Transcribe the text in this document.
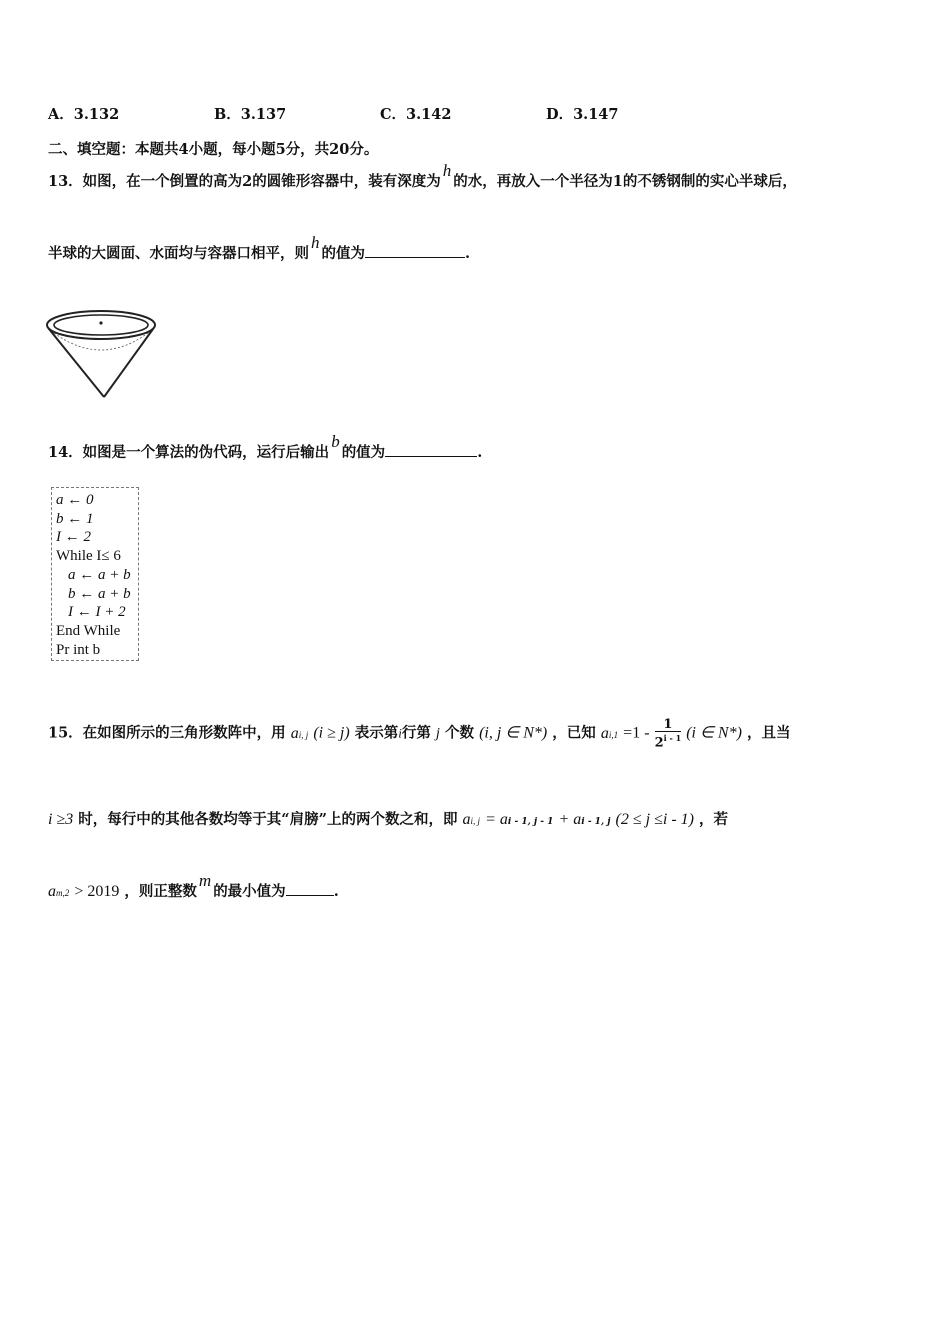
A．3.132	B．3.137	C．3.142	D．3.147
二、填空题：本题共4小题，每小题5分，共20分。
13．如图，在一个倒置的高为2的圆锥形容器中，装有深度为h的水，再放入一个半径为1的不锈钢制的实心半球后，
半球的大圆面、水面均与容器口相平，则h的值为	.
14．如图是一个算法的伪代码，运行后输出b的值为	.
a ← 0
b ← 1
I ← 2
While I≤ 6
a ← a + b
b ← a + b
I ← I + 2
End While
Pr int b
15．在如图所示的三角形数阵中，用 ai, j (i ≥ j) 表示第i行第 j 个数 (i, j ∈ N*) ，已知 $ai,1 =1 - \frac{1}{2^{i - 1}} (i$ ∈ N*) ，且当
i ≥3 时，每行中的其他各数均等于其“肩膀”上的两个数之和，即 ai, j = ai - 1, j - 1 + ai - 1, j (2 ≤ j ≤i - 1) ，若
am,2 > 2019 ，则正整数m的最小值为	.
